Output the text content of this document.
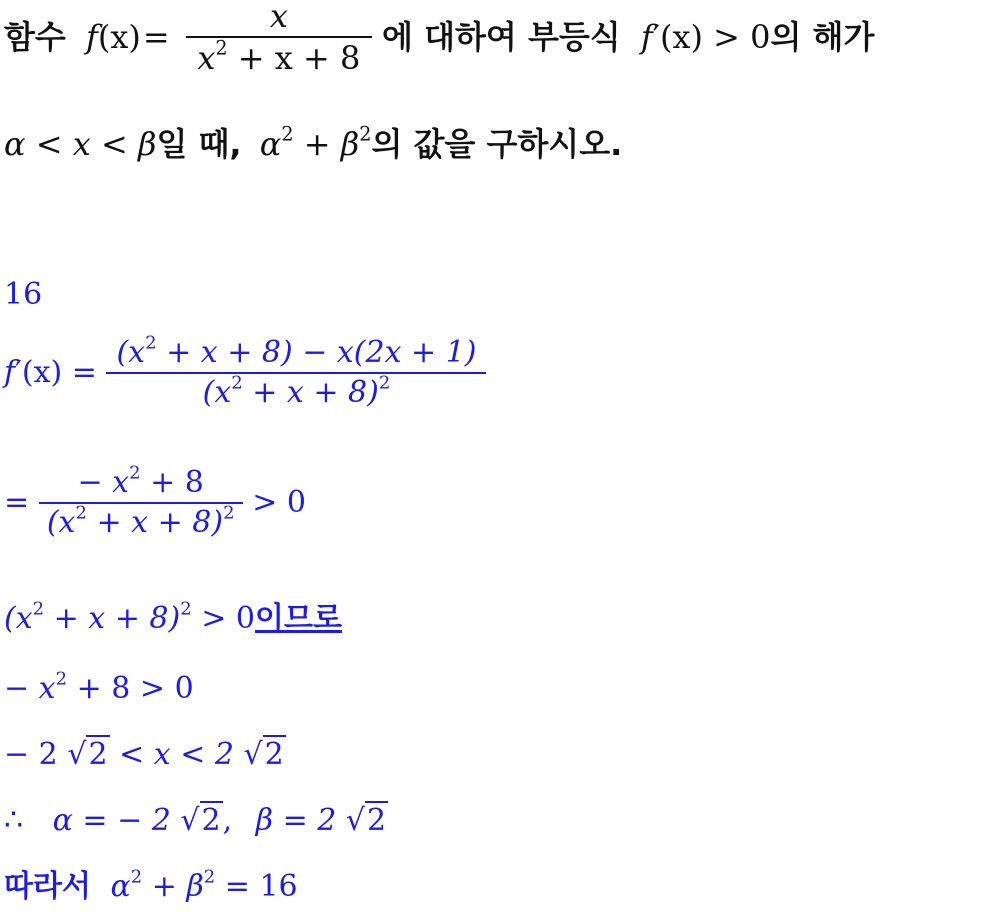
함수 $f(x)= \frac{x}{x^2 + x + 8}$ 에 대하여 부등식 f′(x) > 0의 해가
α < x < β일 때, $\alpha^2 + \beta^2$의 값을 구하시오.
16
$f'(x) = \frac{(x^2 + x + 8) - x(2x + 1)}{(x^2 + x + 8)^2}$
= $\frac{- x^2 + 8}{(x^2 + x + 8)^2} > 0$
$(x^2 + x + 8)^2 > 0$이므로
− $x^2 + 8 > 0$
− 2 √2 < x < 2 √2
∴ α = − 2 √2, β = 2 √2
따라서 $\alpha^2 + \beta^2 = 16$
